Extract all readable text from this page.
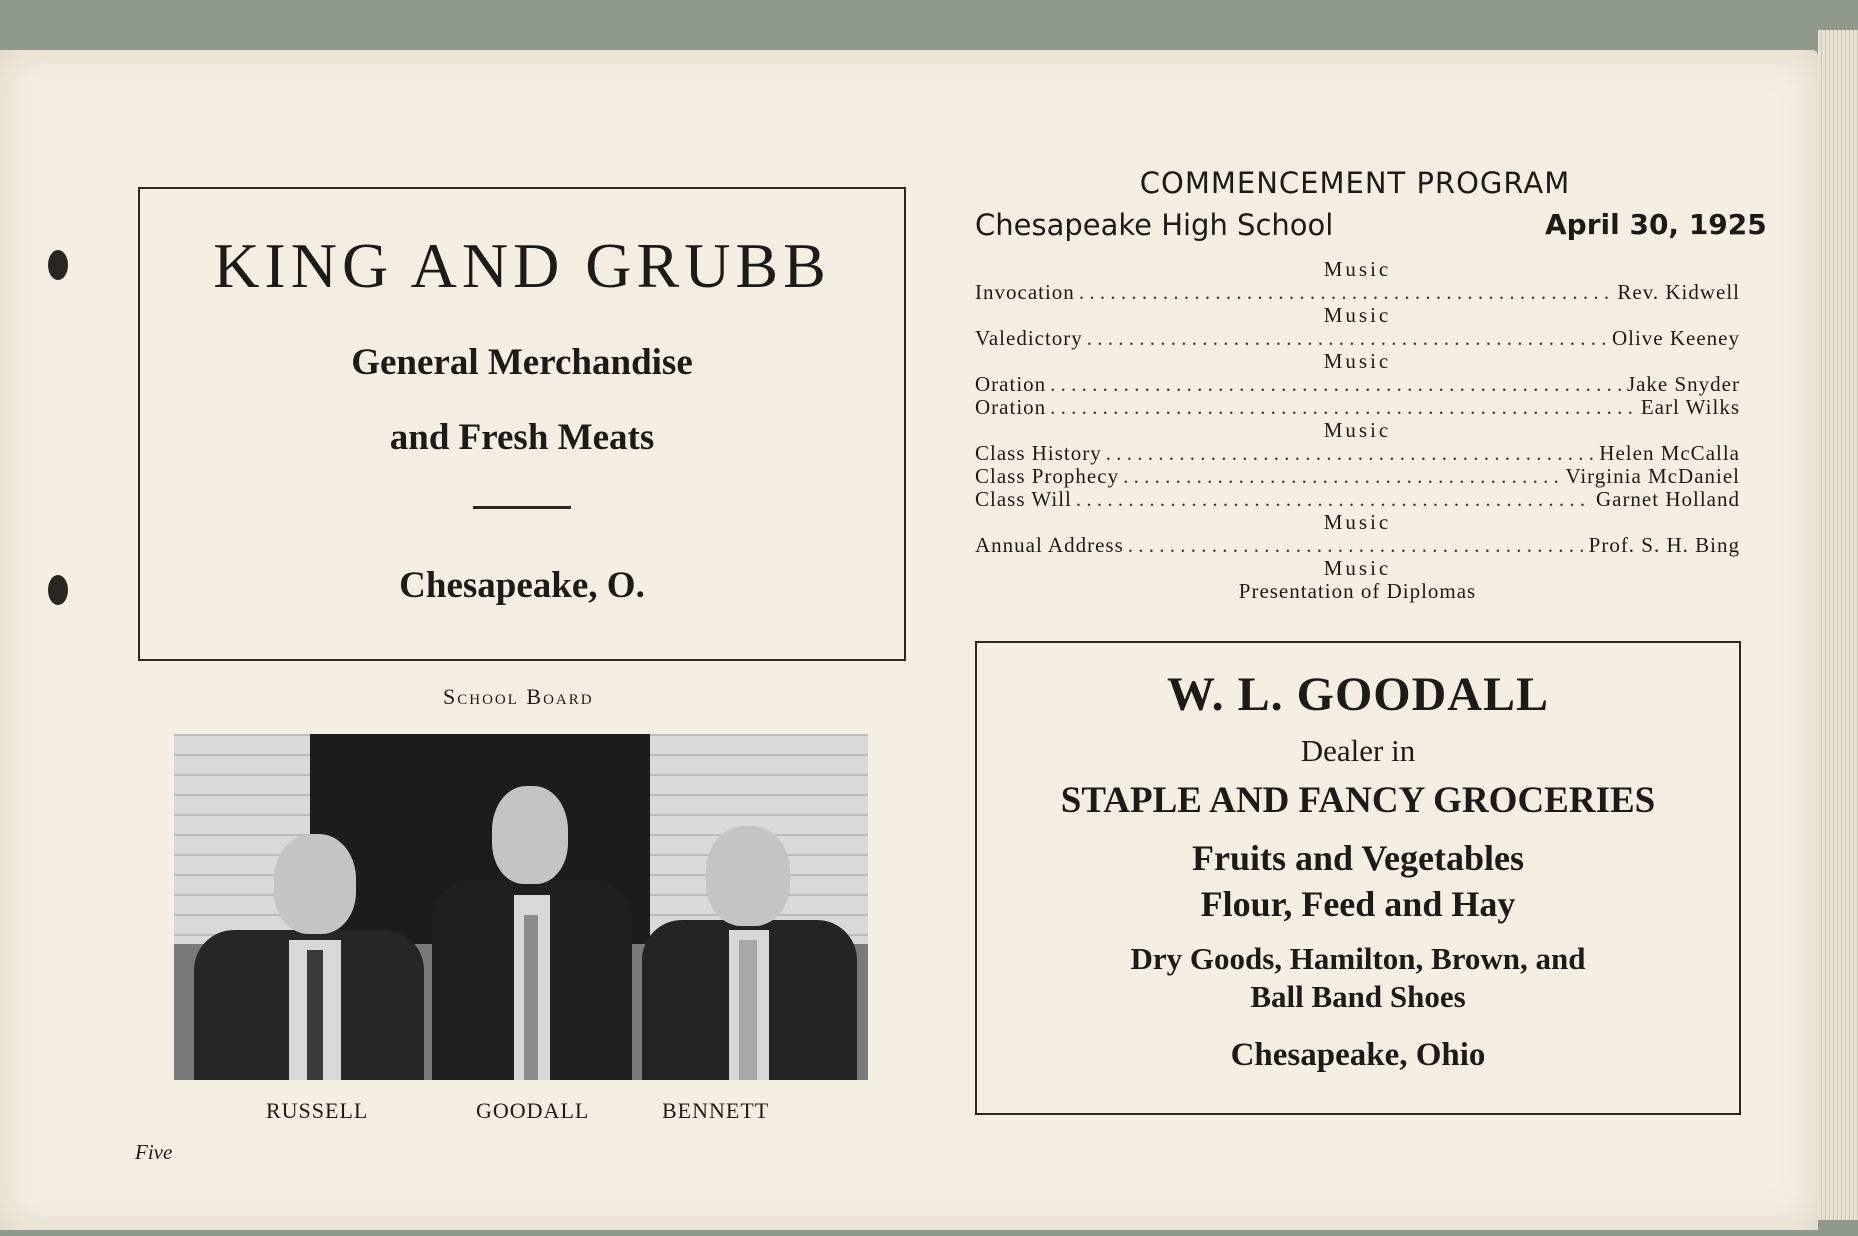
KING AND GRUBB
General Merchandise
and Fresh Meats
Chesapeake, O.
School Board
RUSSELL	GOODALL	BENNETT
Five
COMMENCEMENT PROGRAM
Chesapeake High School	April 30, 1925
Music
Invocation . . .	Rev. Kidwell
Music
Valedictory . . .	Olive Keeney
Music
Oration . . .	Jake Snyder
Oration . . .	Earl Wilks
Music
Class History . . .	Helen McCalla
Class Prophecy . . .	Virginia McDaniel
Class Will . . .	Garnet Holland
Music
Annual Address . . .	Prof. S. H. Bing
Music
Presentation of Diplomas
W. L. GOODALL
Dealer in
STAPLE AND FANCY GROCERIES
Fruits and Vegetables
Flour, Feed and Hay
Dry Goods, Hamilton, Brown, and
Ball Band Shoes
Chesapeake, Ohio
